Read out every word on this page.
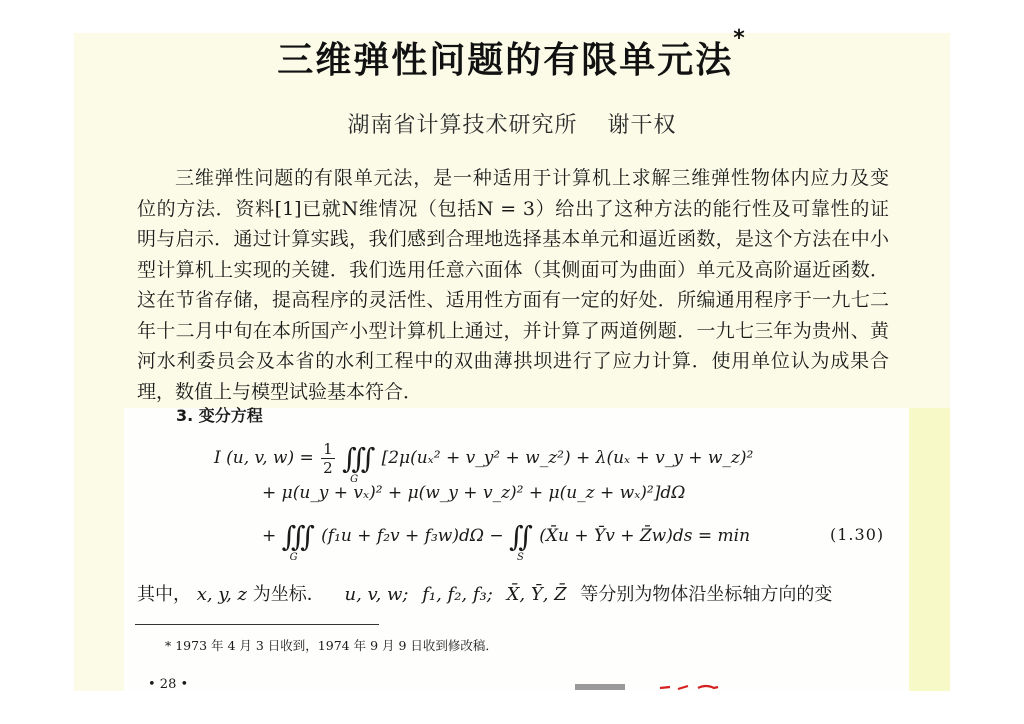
三维弹性问题的有限单元法*
湖南省计算技术研究所 谢干权
三维弹性问题的有限单元法，是一种适用于计算机上求解三维弹性物体内应力及变
位的方法．资料[1]已就N维情况（包括N = 3）给出了这种方法的能行性及可靠性的证
明与启示．通过计算实践，我们感到合理地选择基本单元和逼近函数，是这个方法在中小
型计算机上实现的关键．我们选用任意六面体（其侧面可为曲面）单元及高阶逼近函数．
这在节省存储，提高程序的灵活性、适用性方面有一定的好处．所编通用程序于一九七二
年十二月中旬在本所国产小型计算机上通过，并计算了两道例题．一九七三年为贵州、黄
河水利委员会及本省的水利工程中的双曲薄拱坝进行了应力计算．使用单位认为成果合
理，数值上与模型试验基本符合．
3. 变分方程
I (u, v, $w) = \frac{1}{2}$ ∭
G
[2μ(uₓ² + v_y² + w_z²) + λ(uₓ + v_y + w_z)²
+ μ(u_y + vₓ)² + μ(w_y + v_z)² + μ(u_z + wₓ)²]dΩ
+ ∭
G
(f₁u + f₂v + f₃w)dΩ − ∬
S
(X̄u + Ȳv + Z̄w)ds = min	(1.30)
其中， x, y, z 为坐标． u, v, w; f₁, f₂, f₃; X̄, Ȳ, Z̄ 等分别为物体沿坐标轴方向的变
* 1973 年 4 月 3 日收到，1974 年 9 月 9 日收到修改稿．
• 28 •
